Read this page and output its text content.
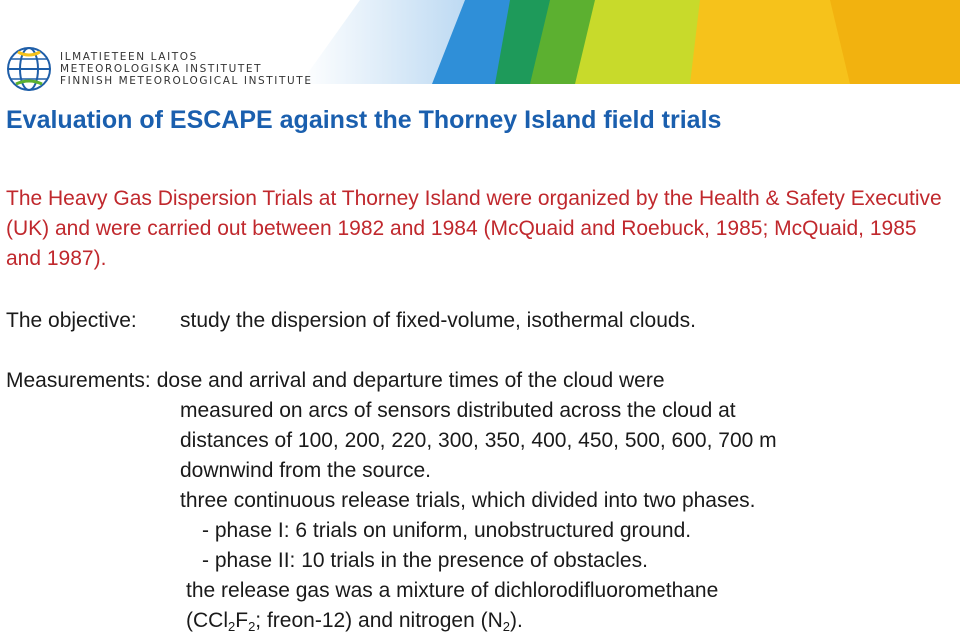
ILMATIETEEN LAITOS
METEOROLOGISKA INSTITUTET
FINNISH METEOROLOGICAL INSTITUTE
Evaluation of ESCAPE against the Thorney Island field trials

The Heavy Gas Dispersion Trials at Thorney Island were organized by the Health & Safety Executive (UK) and were carried out between 1982 and 1984 (McQuaid and Roebuck, 1985; McQuaid, 1985 and 1987).

The objective: study the dispersion of fixed-volume, isothermal clouds.
Measurements: dose and arrival and departure times of the cloud were
measured on arcs of sensors distributed across the cloud at
distances of 100, 200, 220, 300, 350, 400, 450, 500, 600, 700 m
downwind from the source.
three continuous release trials, which divided into two phases.
- phase I: 6 trials on uniform, unobstructured ground.
- phase II: 10 trials in the presence of obstacles.
the release gas was a mixture of dichlorodifluoromethane
($CCl_2F_2$; freon-12) and nitrogen $(N_2)$.
